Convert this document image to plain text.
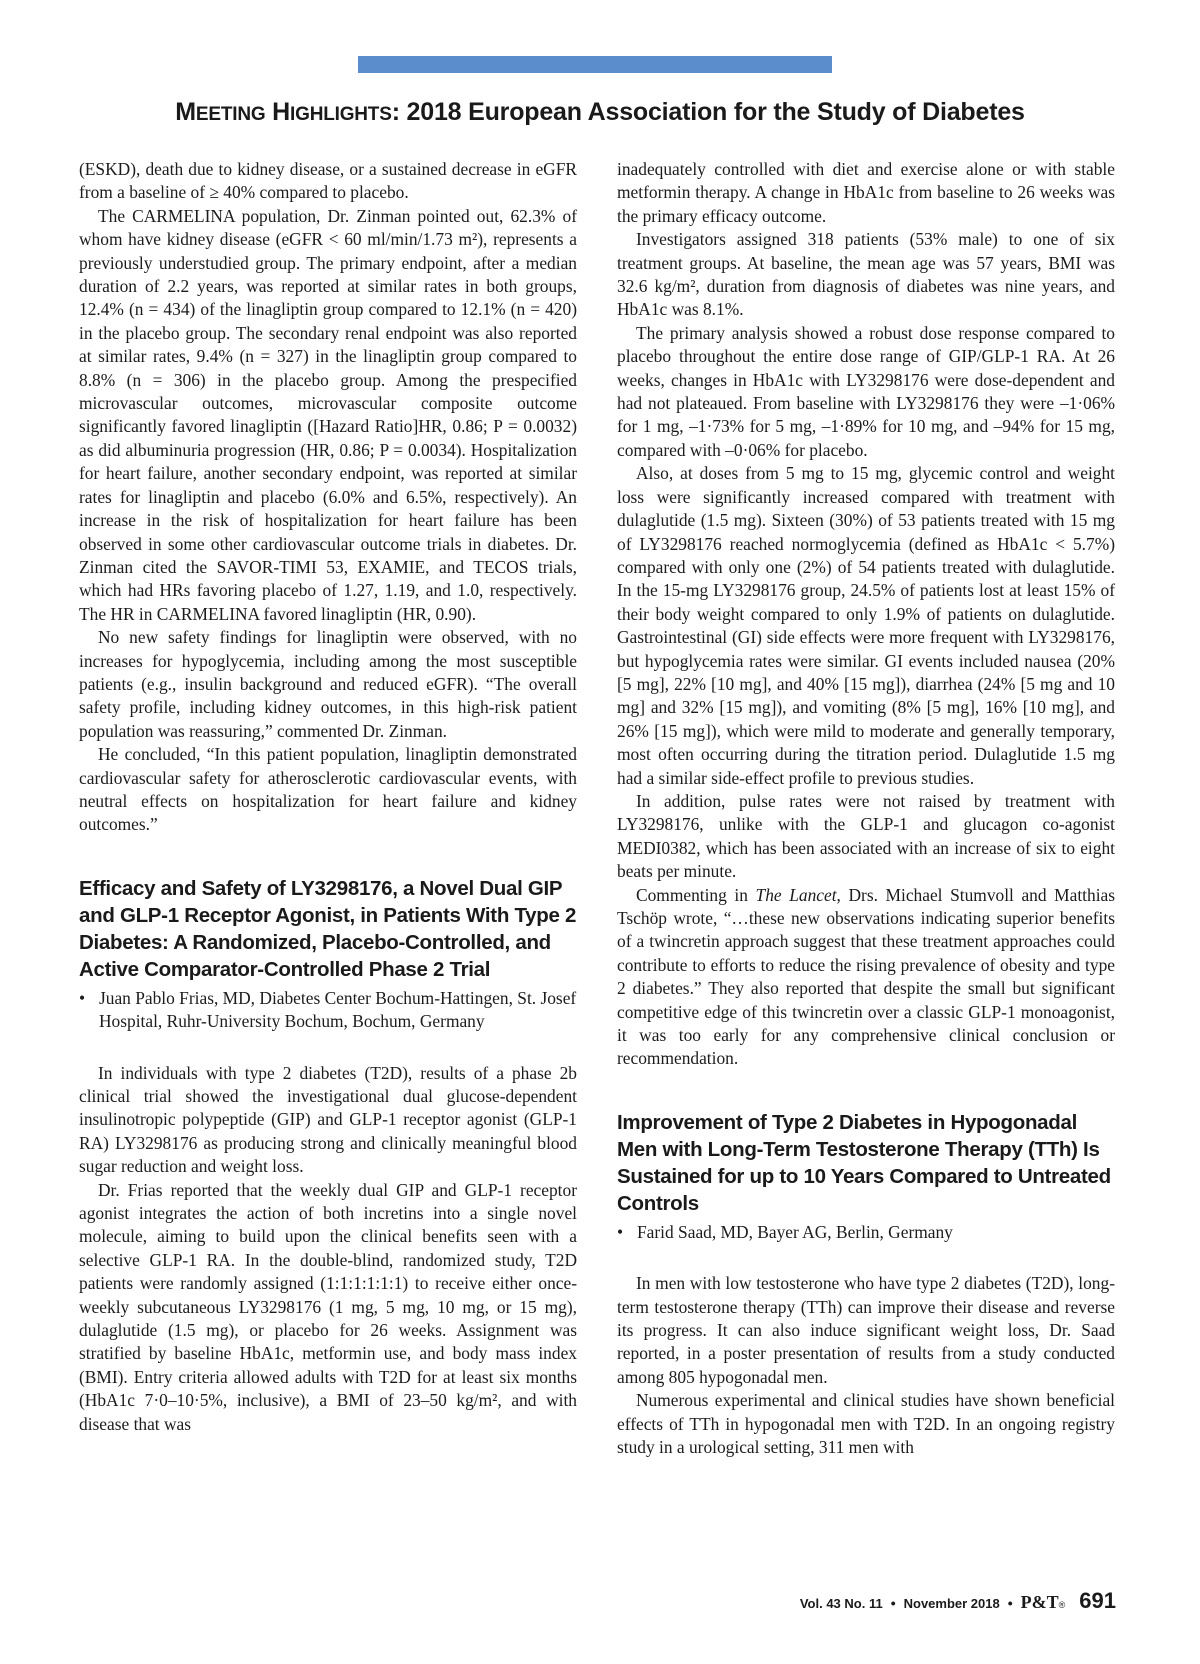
MEETING HIGHLIGHTS: 2018 European Association for the Study of Diabetes

(ESKD), death due to kidney disease, or a sustained decrease in eGFR from a baseline of ≥ 40% compared to placebo.

The CARMELINA population, Dr. Zinman pointed out, 62.3% of whom have kidney disease (eGFR < 60 ml/min/1.73 m²), represents a previously understudied group. The primary endpoint, after a median duration of 2.2 years, was reported at similar rates in both groups, 12.4% (n = 434) of the linagliptin group compared to 12.1% (n = 420) in the placebo group. The secondary renal endpoint was also reported at similar rates, 9.4% (n = 327) in the linagliptin group compared to 8.8% (n = 306) in the placebo group. Among the prespecified microvascular outcomes, microvascular composite outcome significantly favored linagliptin ([Hazard Ratio]HR, 0.86; P = 0.0032) as did albuminuria progression (HR, 0.86; P = 0.0034). Hospitalization for heart failure, another secondary endpoint, was reported at similar rates for linagliptin and placebo (6.0% and 6.5%, respectively). An increase in the risk of hospitalization for heart failure has been observed in some other cardiovascular outcome trials in diabetes. Dr. Zinman cited the SAVOR-TIMI 53, EXAMIE, and TECOS trials, which had HRs favoring placebo of 1.27, 1.19, and 1.0, respectively. The HR in CARMELINA favored linagliptin (HR, 0.90).

No new safety findings for linagliptin were observed, with no increases for hypoglycemia, including among the most susceptible patients (e.g., insulin background and reduced eGFR). “The overall safety profile, including kidney outcomes, in this high-risk patient population was reassuring,” commented Dr. Zinman.

He concluded, “In this patient population, linagliptin demonstrated cardiovascular safety for atherosclerotic cardiovascular events, with neutral effects on hospitalization for heart failure and kidney outcomes.”

Efficacy and Safety of LY3298176, a Novel Dual GIP and GLP-1 Receptor Agonist, in Patients With Type 2 Diabetes: A Randomized, Placebo-Controlled, and Active Comparator-Controlled Phase 2 Trial
• Juan Pablo Frias, MD, Diabetes Center Bochum-Hattingen, St. Josef Hospital, Ruhr-University Bochum, Bochum, Germany

In individuals with type 2 diabetes (T2D), results of a phase 2b clinical trial showed the investigational dual glucose-dependent insulinotropic polypeptide (GIP) and GLP-1 receptor agonist (GLP-1 RA) LY3298176 as producing strong and clinically meaningful blood sugar reduction and weight loss.

Dr. Frias reported that the weekly dual GIP and GLP-1 receptor agonist integrates the action of both incretins into a single novel molecule, aiming to build upon the clinical benefits seen with a selective GLP-1 RA. In the double-blind, randomized study, T2D patients were randomly assigned (1:1:1:1:1:1) to receive either once-weekly subcutaneous LY3298176 (1 mg, 5 mg, 10 mg, or 15 mg), dulaglutide (1.5 mg), or placebo for 26 weeks. Assignment was stratified by baseline HbA1c, metformin use, and body mass index (BMI). Entry criteria allowed adults with T2D for at least six months (HbA1c 7·0–10·5%, inclusive), a BMI of 23–50 kg/m², and with disease that was

inadequately controlled with diet and exercise alone or with stable metformin therapy. A change in HbA1c from baseline to 26 weeks was the primary efficacy outcome.

Investigators assigned 318 patients (53% male) to one of six treatment groups. At baseline, the mean age was 57 years, BMI was 32.6 kg/m², duration from diagnosis of diabetes was nine years, and HbA1c was 8.1%.

The primary analysis showed a robust dose response compared to placebo throughout the entire dose range of GIP/GLP-1 RA. At 26 weeks, changes in HbA1c with LY3298176 were dose-dependent and had not plateaued. From baseline with LY3298176 they were –1·06% for 1 mg, –1·73% for 5 mg, –1·89% for 10 mg, and –94% for 15 mg, compared with –0·06% for placebo.

Also, at doses from 5 mg to 15 mg, glycemic control and weight loss were significantly increased compared with treatment with dulaglutide (1.5 mg). Sixteen (30%) of 53 patients treated with 15 mg of LY3298176 reached normoglycemia (defined as HbA1c < 5.7%) compared with only one (2%) of 54 patients treated with dulaglutide. In the 15-mg LY3298176 group, 24.5% of patients lost at least 15% of their body weight compared to only 1.9% of patients on dulaglutide. Gastrointestinal (GI) side effects were more frequent with LY3298176, but hypoglycemia rates were similar. GI events included nausea (20% [5 mg], 22% [10 mg], and 40% [15 mg]), diarrhea (24% [5 mg and 10 mg] and 32% [15 mg]), and vomiting (8% [5 mg], 16% [10 mg], and 26% [15 mg]), which were mild to moderate and generally temporary, most often occurring during the titration period. Dulaglutide 1.5 mg had a similar side-effect profile to previous studies.

In addition, pulse rates were not raised by treatment with LY3298176, unlike with the GLP-1 and glucagon co-agonist MEDI0382, which has been associated with an increase of six to eight beats per minute.

Commenting in The Lancet, Drs. Michael Stumvoll and Matthias Tschöp wrote, “…these new observations indicating superior benefits of a twincretin approach suggest that these treatment approaches could contribute to efforts to reduce the rising prevalence of obesity and type 2 diabetes.” They also reported that despite the small but significant competitive edge of this twincretin over a classic GLP-1 monoagonist, it was too early for any comprehensive clinical conclusion or recommendation.

Improvement of Type 2 Diabetes in Hypogonadal Men with Long-Term Testosterone Therapy (TTh) Is Sustained for up to 10 Years Compared to Untreated Controls
• Farid Saad, MD, Bayer AG, Berlin, Germany

In men with low testosterone who have type 2 diabetes (T2D), long-term testosterone therapy (TTh) can improve their disease and reverse its progress. It can also induce significant weight loss, Dr. Saad reported, in a poster presentation of results from a study conducted among 805 hypogonadal men.

Numerous experimental and clinical studies have shown beneficial effects of TTh in hypogonadal men with T2D. In an ongoing registry study in a urological setting, 311 men with

Vol. 43 No. 11 • November 2018 • P&T® 691
